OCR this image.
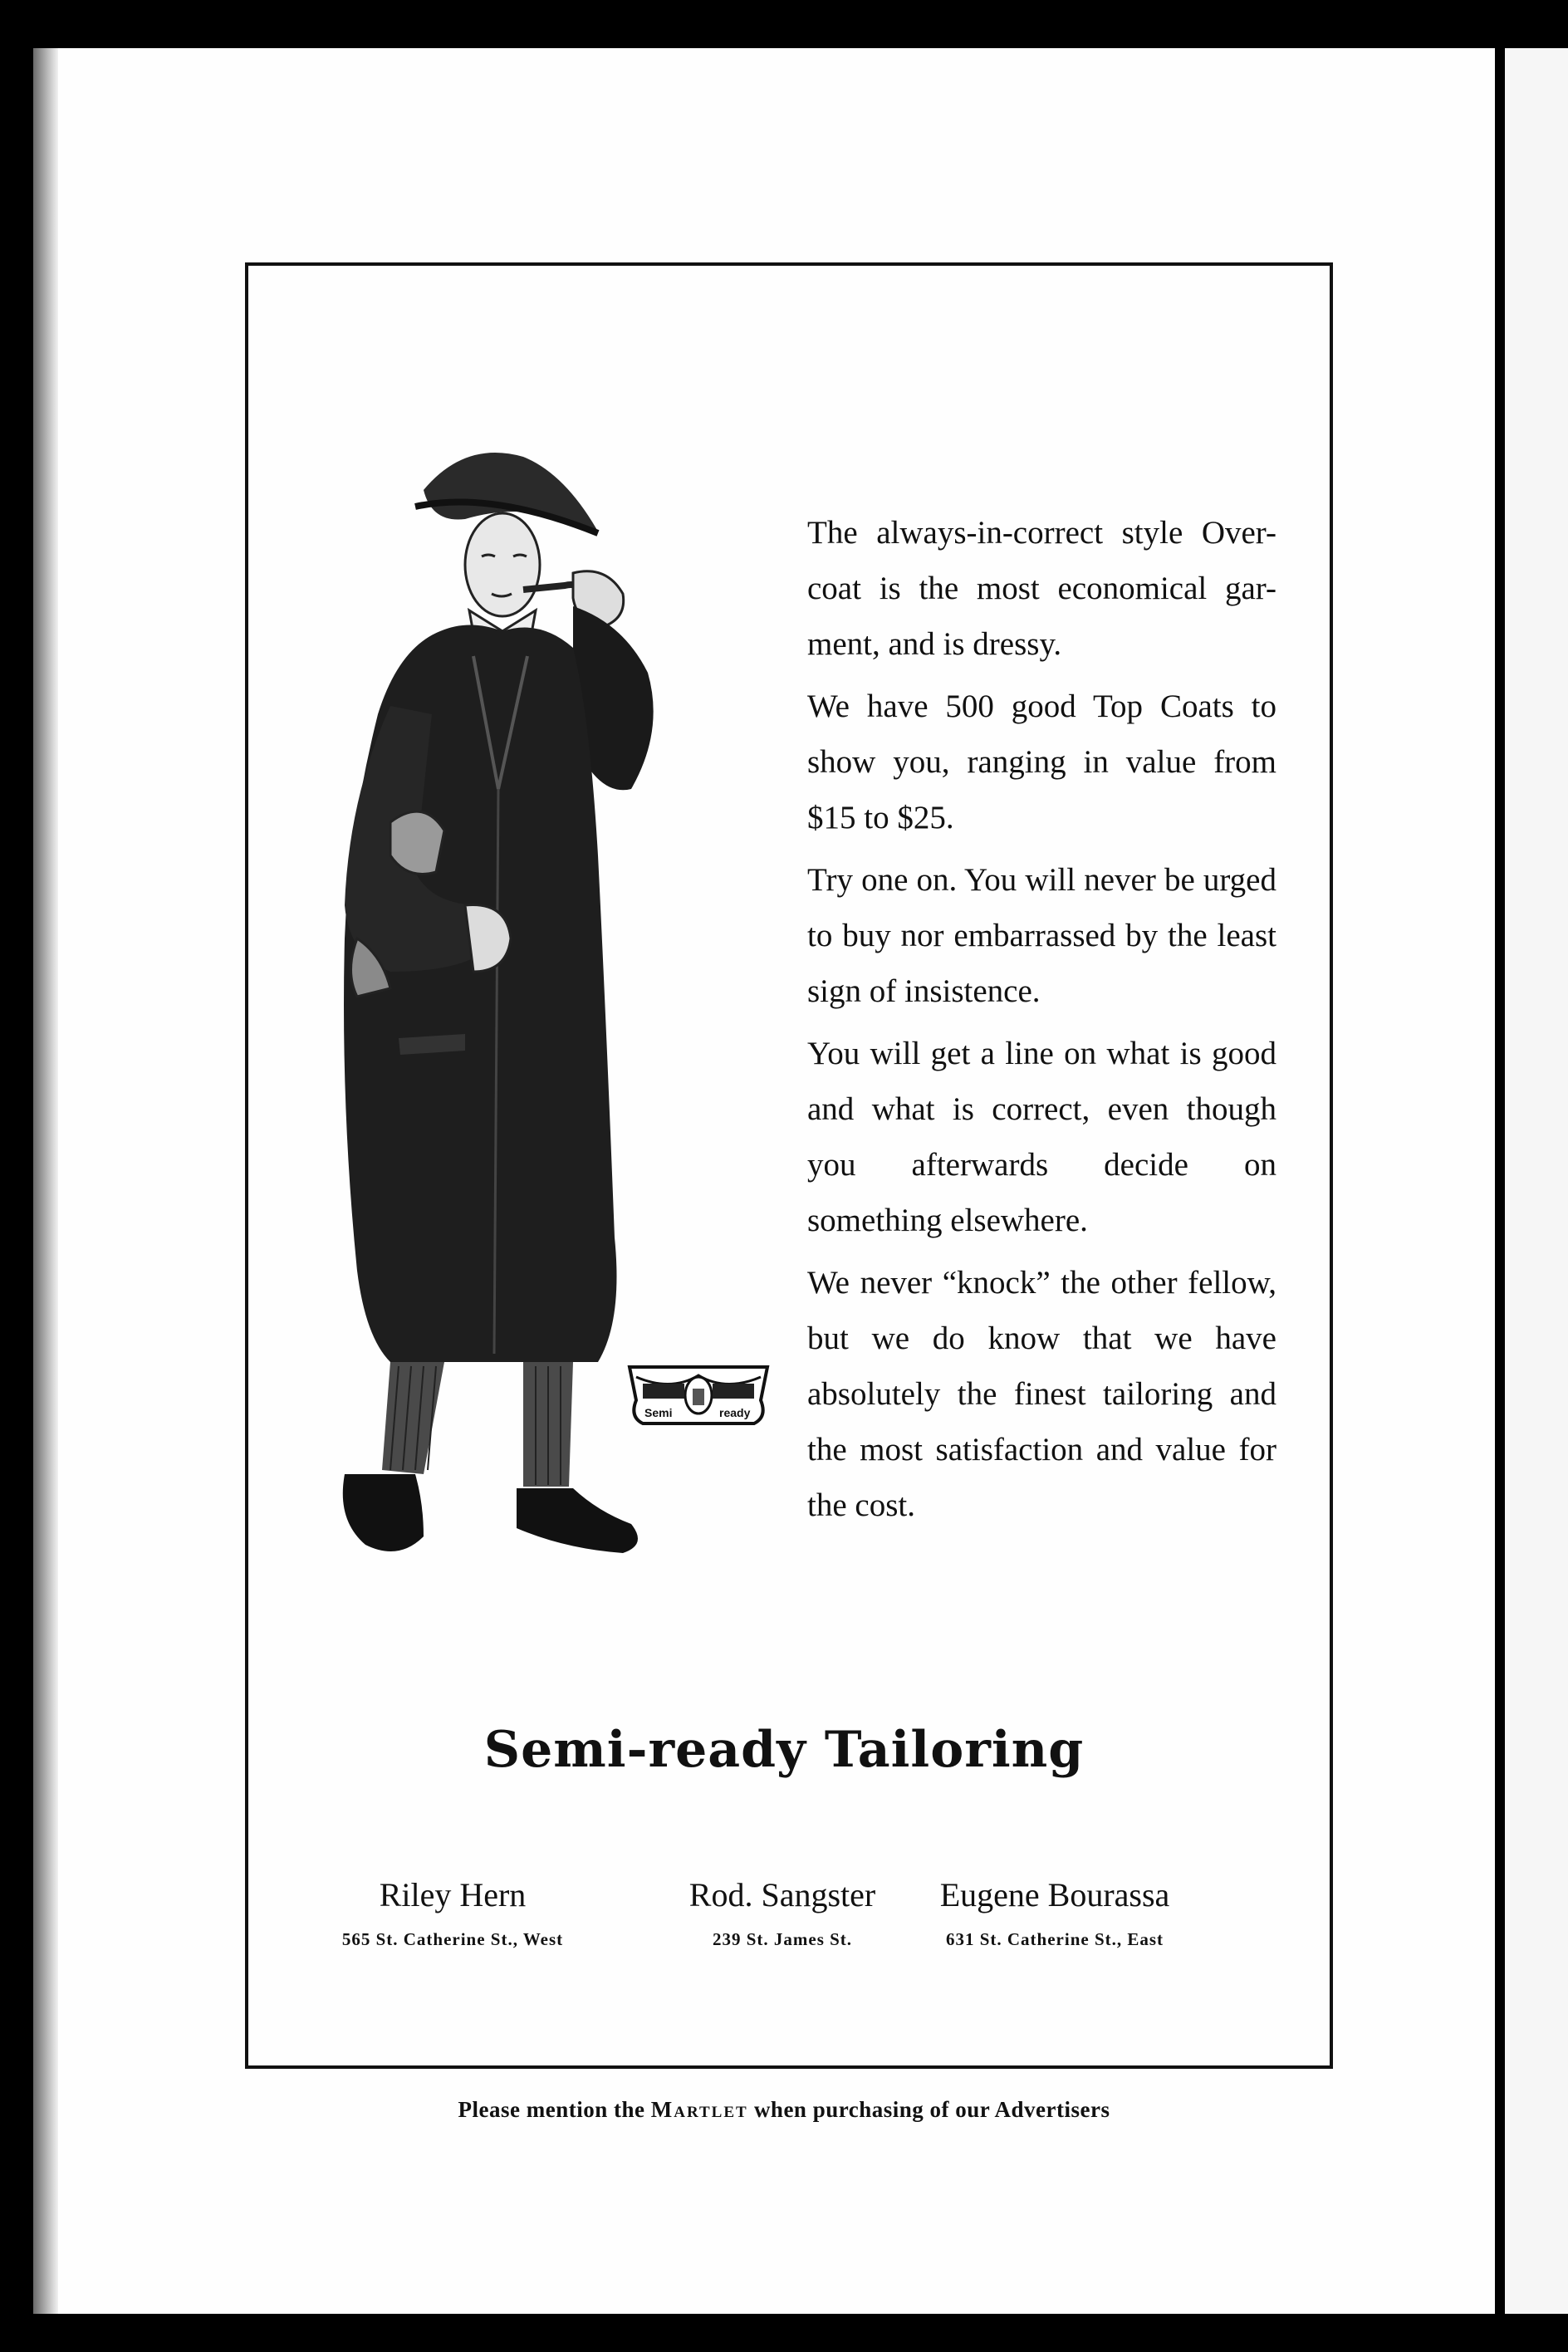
Semi	ready

The always-in-correct style Over-coat is the most economical gar-ment, and is dressy.

We have 500 good Top Coats to show you, ranging in value from $15 to $25.

Try one on. You will never be urged to buy nor embarrassed by the least sign of insistence.

You will get a line on what is good and what is correct, even though you afterwards decide on something elsewhere.

We never “knock” the other fellow, but we do know that we have absolutely the finest tailoring and the most satisfaction and value for the cost.

Semi-ready Tailoring
Riley Hern
565 St. Catherine St., West
Rod. Sangster
239 St. James St.
Eugene Bourassa
631 St. Catherine St., East
Please mention the Martlet when purchasing of our Advertisers
